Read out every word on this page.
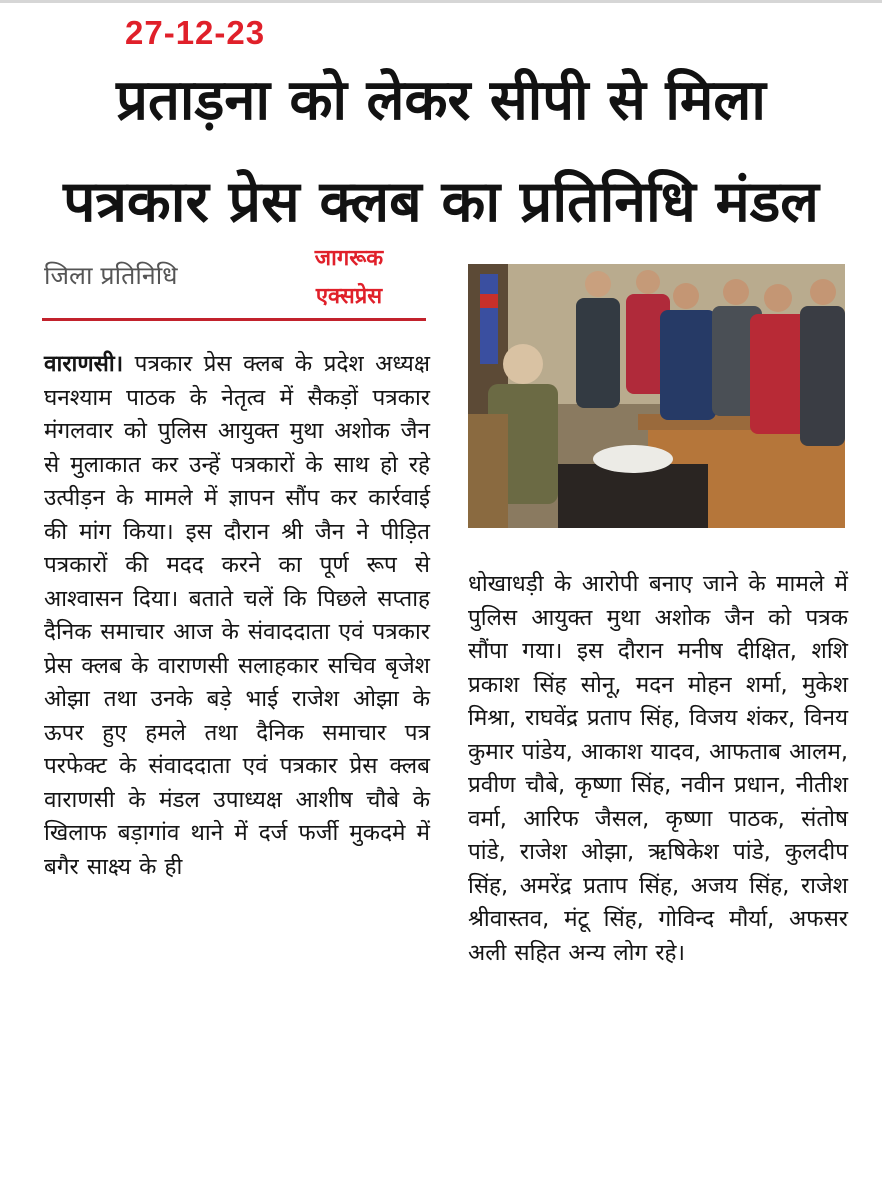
27-12-23
प्रताड़ना को लेकर सीपी से मिला
पत्रकार प्रेस क्लब का प्रतिनिधि मंडल
जिला प्रतिनिधि
जागरूक
एक्सप्रेस
वाराणसी। पत्रकार प्रेस क्लब के प्रदेश अध्यक्ष घनश्याम पाठक के नेतृत्व में सैकड़ों पत्रकार मंगलवार को पुलिस आयुक्त मुथा अशोक जैन से मुलाकात कर उन्हें पत्रकारों के साथ हो रहे उत्पीड़न के मामले में ज्ञापन सौंप कर कार्रवाई की मांग किया। इस दौरान श्री जैन ने पीड़ित पत्रकारों की मदद करने का पूर्ण रूप से आश्वासन दिया। बताते चलें कि पिछले सप्ताह दैनिक समाचार आज के संवाददाता एवं पत्रकार प्रेस क्लब के वाराणसी सलाहकार सचिव बृजेश ओझा तथा उनके बड़े भाई राजेश ओझा के ऊपर हुए हमले तथा दैनिक समाचार पत्र परफेक्ट के संवाददाता एवं पत्रकार प्रेस क्लब वाराणसी के मंडल उपाध्यक्ष आशीष चौबे के खिलाफ बड़ागांव थाने में दर्ज फर्जी मुकदमे में बगैर साक्ष्य के ही
धोखाधड़ी के आरोपी बनाए जाने के मामले में पुलिस आयुक्त मुथा अशोक जैन को पत्रक सौंपा गया। इस दौरान मनीष दीक्षित, शशि प्रकाश सिंह सोनू, मदन मोहन शर्मा, मुकेश मिश्रा, राघवेंद्र प्रताप सिंह, विजय शंकर, विनय कुमार पांडेय, आकाश यादव, आफताब आलम, प्रवीण चौबे, कृष्णा सिंह, नवीन प्रधान, नीतीश वर्मा, आरिफ जैसल, कृष्णा पाठक, संतोष पांडे, राजेश ओझा, ऋषिकेश पांडे, कुलदीप सिंह, अमरेंद्र प्रताप सिंह, अजय सिंह, राजेश श्रीवास्तव, मंटू सिंह, गोविन्द मौर्या, अफसर अली सहित अन्य लोग रहे।
